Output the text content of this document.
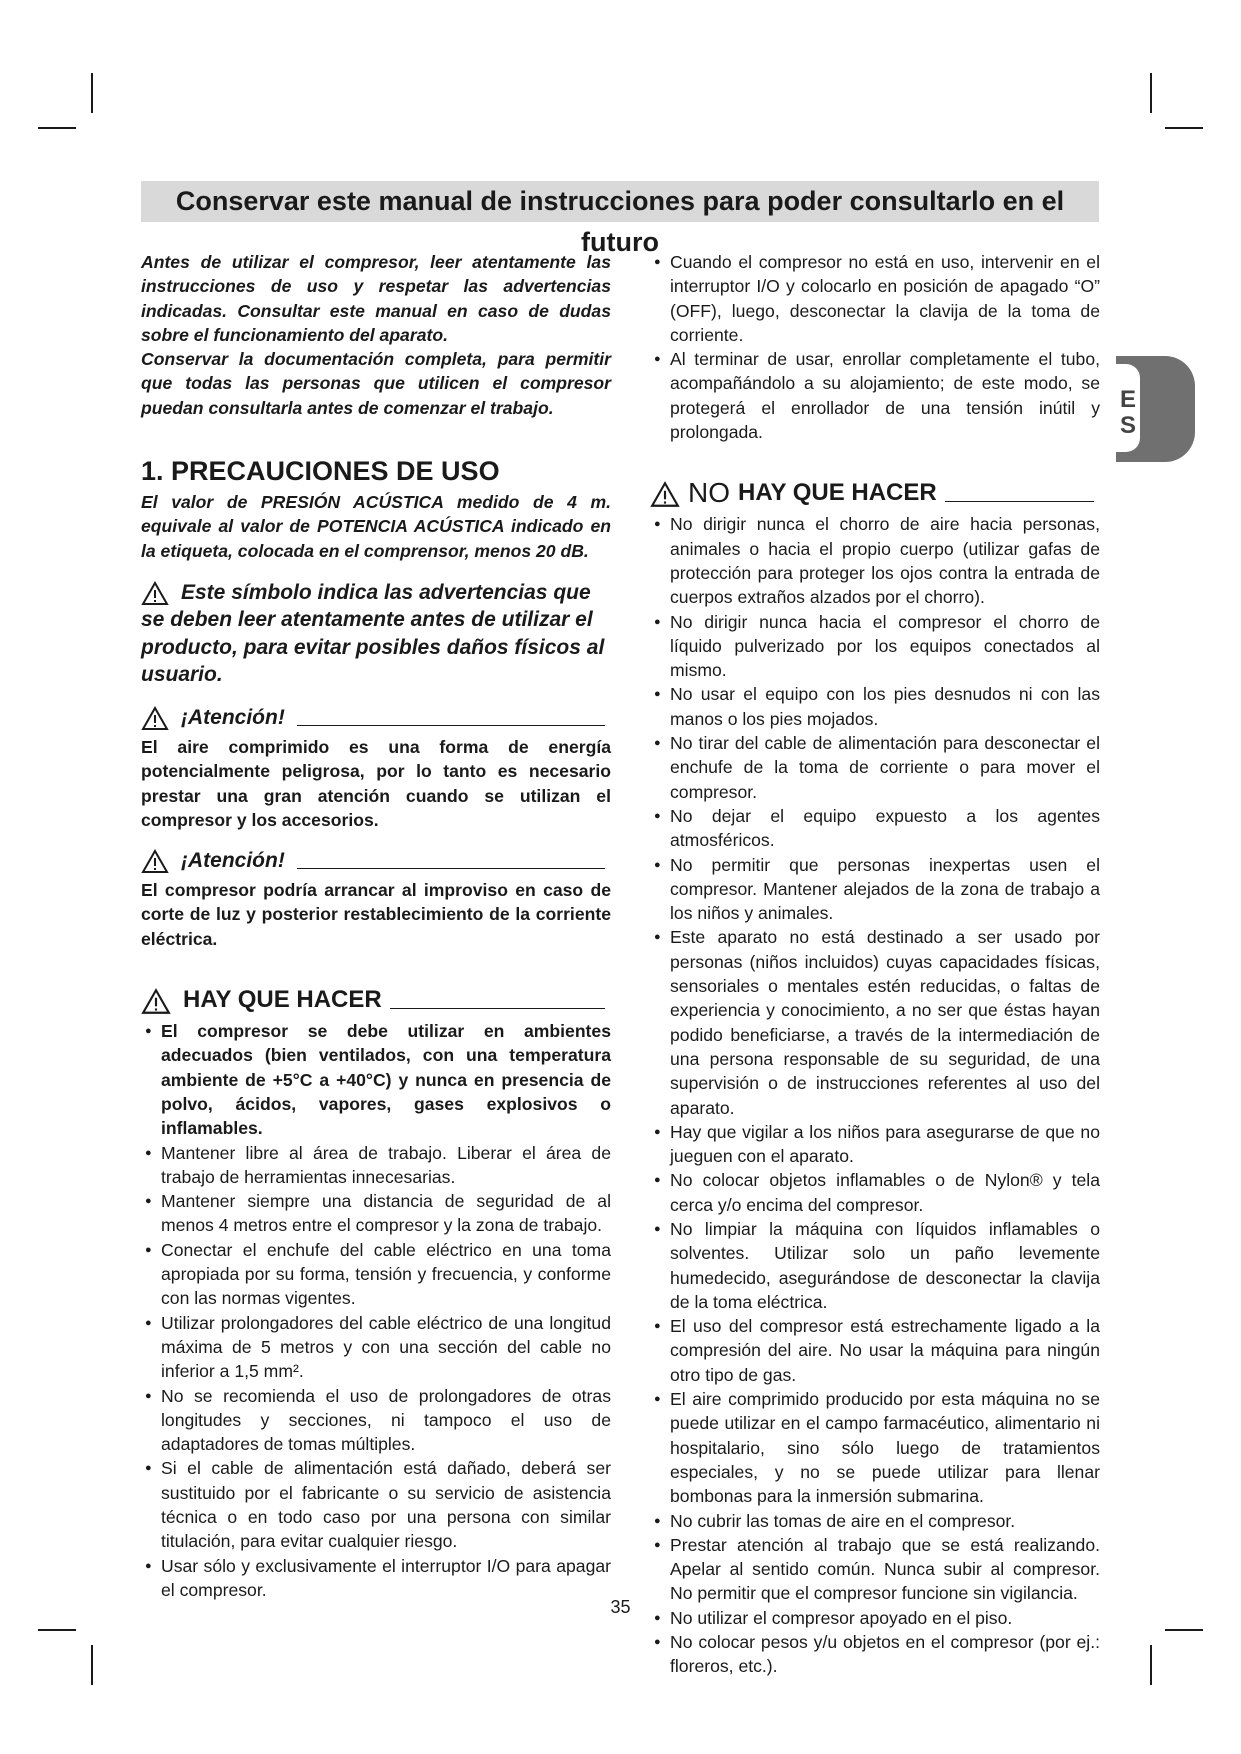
Conservar este manual de instrucciones para poder consultarlo en el futuro

Antes de utilizar el compresor, leer atentamente las instrucciones de uso y respetar las advertencias indicadas. Consultar este manual en caso de dudas sobre el funcionamiento del aparato.

Conservar la documentación completa, para permitir que todas las personas que utilicen el compresor puedan consultarla antes de comenzar el trabajo.

1. PRECAUCIONES DE USO

El valor de PRESIÓN ACÚSTICA medido de 4 m. equivale al valor de POTENCIA ACÚSTICA indicado en la etiqueta, colocada en el comprensor, menos 20 dB.

Este símbolo indica las advertencias que se deben leer atentamente antes de utilizar el producto, para evitar posibles daños físicos al usuario.
¡Atención!

El aire comprimido es una forma de energía potencialmente peligrosa, por lo tanto es necesario prestar una gran atención cuando se utilizan el compresor y los accesorios.

¡Atención!

El compresor podría arrancar al improviso en caso de corte de luz y posterior restablecimiento de la corriente eléctrica.

HAY QUE HACER
● El compresor se debe utilizar en ambientes adecuados (bien ventilados, con una temperatura ambiente de +5°C a +40°C) y nunca en presencia de polvo, ácidos, vapores, gases explosivos o inflamables.
● Mantener libre al área de trabajo. Liberar el área de trabajo de herramientas innecesarias.
● Mantener siempre una distancia de seguridad de al menos 4 metros entre el compresor y la zona de trabajo.
● Conectar el enchufe del cable eléctrico en una toma apropiada por su forma, tensión y frecuencia, y conforme con las normas vigentes.
● Utilizar prolongadores del cable eléctrico de una longitud máxima de 5 metros y con una sección del cable no inferior a 1,5 mm².
● No se recomienda el uso de prolongadores de otras longitudes y secciones, ni tampoco el uso de adaptadores de tomas múltiples.
● Si el cable de alimentación está dañado, deberá ser sustituido por el fabricante o su servicio de asistencia técnica o en todo caso por una persona con similar titulación, para evitar cualquier riesgo.
● Usar sólo y exclusivamente el interruptor I/O para apagar el compresor.
● Cuando el compresor no está en uso, intervenir en el interruptor I/O y colocarlo en posición de apagado “O” (OFF), luego, desconectar la clavija de la toma de corriente.
● Al terminar de usar, enrollar completamente el tubo, acompañándolo a su alojamiento; de este modo, se protegerá el enrollador de una tensión inútil y prolongada.
NO HAY QUE HACER
● No dirigir nunca el chorro de aire hacia personas, animales o hacia el propio cuerpo (utilizar gafas de protección para proteger los ojos contra la entrada de cuerpos extraños alzados por el chorro).
● No dirigir nunca hacia el compresor el chorro de líquido pulverizado por los equipos conectados al mismo.
● No usar el equipo con los pies desnudos ni con las manos o los pies mojados.
● No tirar del cable de alimentación para desconectar el enchufe de la toma de corriente o para mover el compresor.
● No dejar el equipo expuesto a los agentes atmosféricos.
● No permitir que personas inexpertas usen el compresor. Mantener alejados de la zona de trabajo a los niños y animales.
● Este aparato no está destinado a ser usado por personas (niños incluidos) cuyas capacidades físicas, sensoriales o mentales estén reducidas, o faltas de experiencia y conocimiento, a no ser que éstas hayan podido beneficiarse, a través de la intermediación de una persona responsable de su seguridad, de una supervisión o de instrucciones referentes al uso del aparato.
● Hay que vigilar a los niños para asegurarse de que no jueguen con el aparato.
● No colocar objetos inflamables o de Nylon® y tela cerca y/o encima del compresor.
● No limpiar la máquina con líquidos inflamables o solventes. Utilizar solo un paño levemente humedecido, asegurándose de desconectar la clavija de la toma eléctrica.
● El uso del compresor está estrechamente ligado a la compresión del aire. No usar la máquina para ningún otro tipo de gas.
● El aire comprimido producido por esta máquina no se puede utilizar en el campo farmacéutico, alimentario ni hospitalario, sino sólo luego de tratamientos especiales, y no se puede utilizar para llenar bombonas para la inmersión submarina.
● No cubrir las tomas de aire en el compresor.
● Prestar atención al trabajo que se está realizando. Apelar al sentido común. Nunca subir al compresor. No permitir que el compresor funcione sin vigilancia.
● No utilizar el compresor apoyado en el piso.
● No colocar pesos y/u objetos en el compresor (por ej.: floreros, etc.).
E
S
35
